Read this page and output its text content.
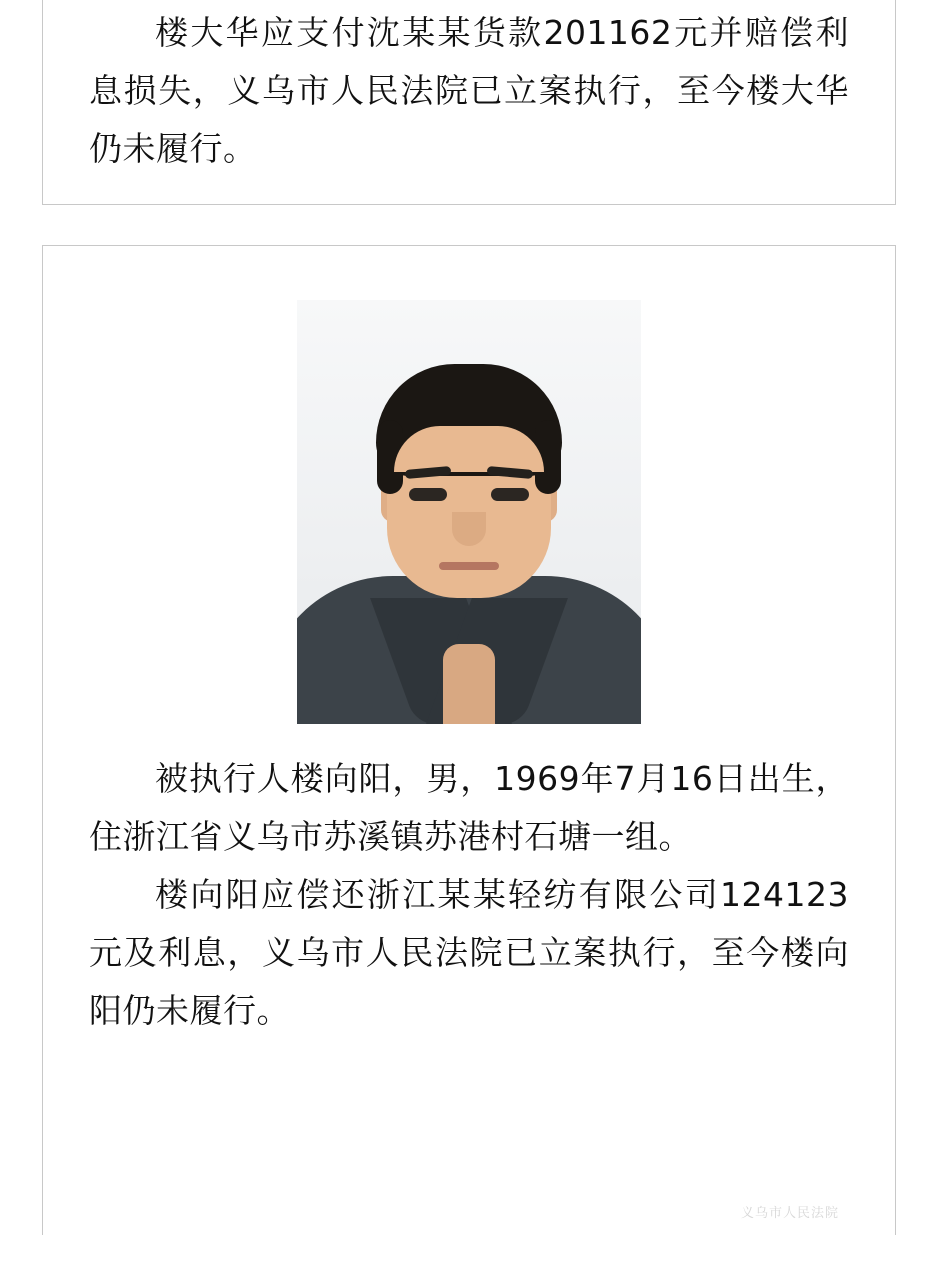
楼大华应支付沈某某货款201162元并赔偿利息损失，义乌市人民法院已立案执行，至今楼大华仍未履行。

被执行人楼向阳，男，1969年7月16日出生，住浙江省义乌市苏溪镇苏港村石塘一组。

楼向阳应偿还浙江某某轻纺有限公司124123元及利息，义乌市人民法院已立案执行，至今楼向阳仍未履行。

义乌市人民法院
